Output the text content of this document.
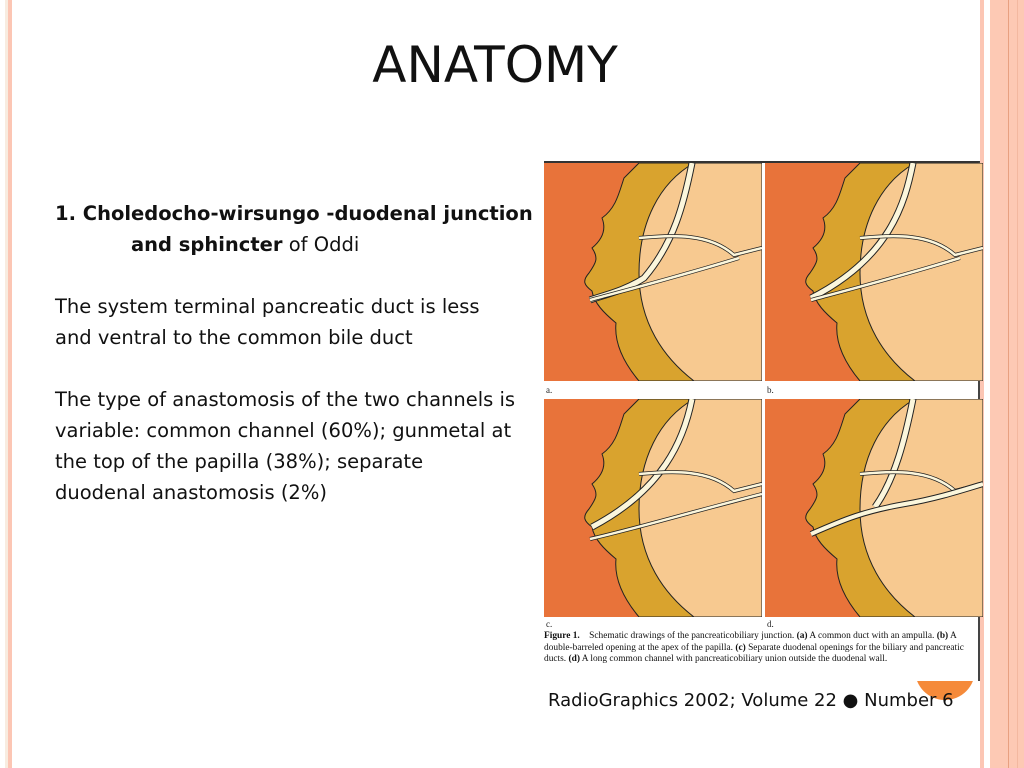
ANATOMY

1. Choledocho-wirsungo -duodenal junction

and sphincter of Oddi

The system terminal pancreatic duct is less

and ventral to the common bile duct

The type of anastomosis of the two channels is

variable: common channel (60%); gunmetal at

the top of the papilla (38%); separate

duodenal anastomosis (2%)

a.	b.
c.	d.
Figure 1. Schematic drawings of the pancreaticobiliary junction. (a) A common duct with an ampulla. (b) A double-barreled opening at the apex of the papilla. (c) Separate duodenal openings for the biliary and pancreatic ducts. (d) A long common channel with pancreaticobiliary union outside the duodenal wall.
RadioGraphics 2002; Volume 22 ● Number 6
